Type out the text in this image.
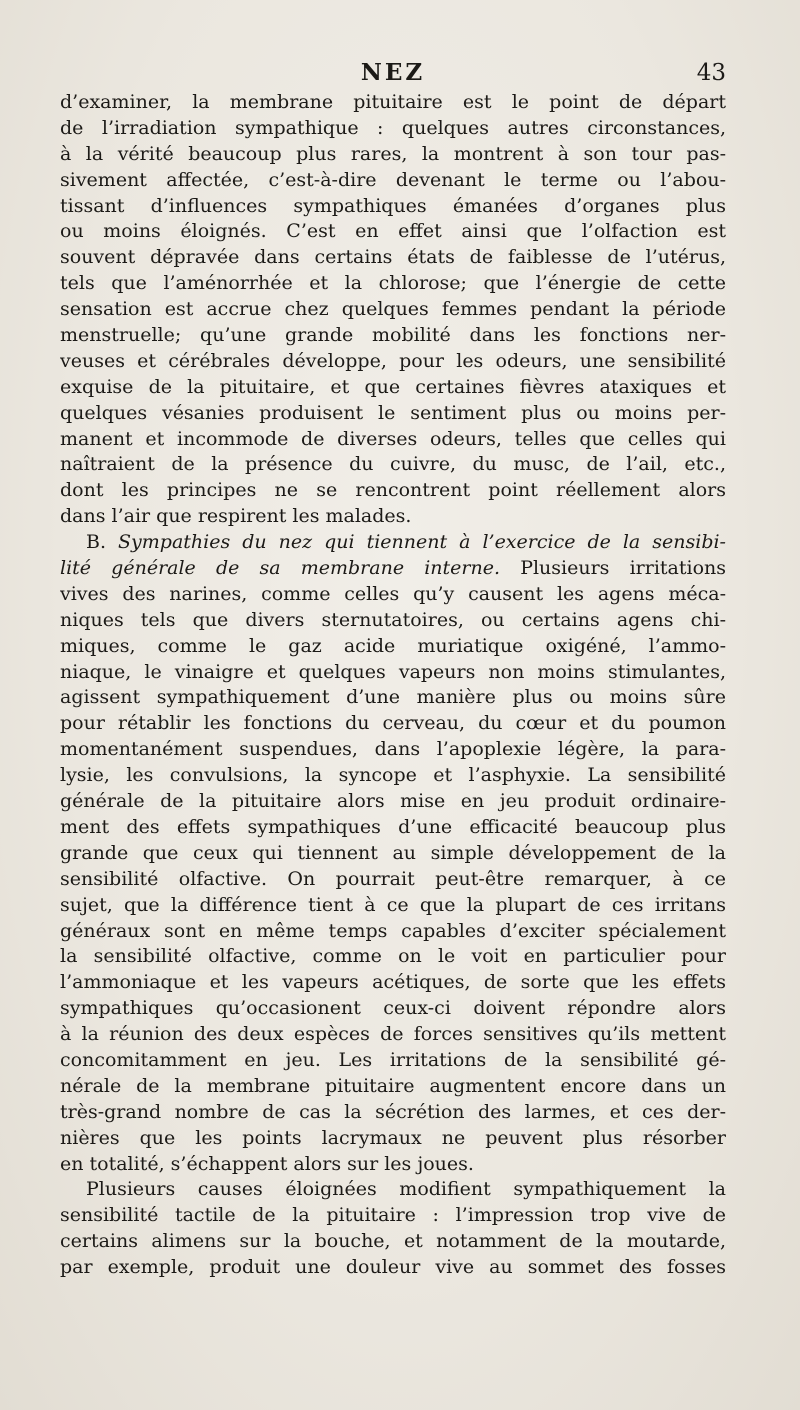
NEZ	43
d’examiner, la membrane pituitaire est le point de départ
de l’irradiation sympathique : quelques autres circonstances,
à la vérité beaucoup plus rares, la montrent à son tour pas-
sivement affectée, c’est-à-dire devenant le terme ou l’abou-
tissant d’influences sympathiques émanées d’organes plus
ou moins éloignés. C’est en effet ainsi que l’olfaction est
souvent dépravée dans certains états de faiblesse de l’utérus,
tels que l’aménorrhée et la chlorose; que l’énergie de cette
sensation est accrue chez quelques femmes pendant la période
menstruelle; qu’une grande mobilité dans les fonctions ner-
veuses et cérébrales développe, pour les odeurs, une sensibilité
exquise de la pituitaire, et que certaines fièvres ataxiques et
quelques vésanies produisent le sentiment plus ou moins per-
manent et incommode de diverses odeurs, telles que celles qui
naîtraient de la présence du cuivre, du musc, de l’ail, etc.,
dont les principes ne se rencontrent point réellement alors
dans l’air que respirent les malades.
B. Sympathies du nez qui tiennent à l’exercice de la sensibi-
lité générale de sa membrane interne. Plusieurs irritations
vives des narines, comme celles qu’y causent les agens méca-
niques tels que divers sternutatoires, ou certains agens chi-
miques, comme le gaz acide muriatique oxigéné, l’ammo-
niaque, le vinaigre et quelques vapeurs non moins stimulantes,
agissent sympathiquement d’une manière plus ou moins sûre
pour rétablir les fonctions du cerveau, du cœur et du poumon
momentanément suspendues, dans l’apoplexie légère, la para-
lysie, les convulsions, la syncope et l’asphyxie. La sensibilité
générale de la pituitaire alors mise en jeu produit ordinaire-
ment des effets sympathiques d’une efficacité beaucoup plus
grande que ceux qui tiennent au simple développement de la
sensibilité olfactive. On pourrait peut-être remarquer, à ce
sujet, que la différence tient à ce que la plupart de ces irritans
généraux sont en même temps capables d’exciter spécialement
la sensibilité olfactive, comme on le voit en particulier pour
l’ammoniaque et les vapeurs acétiques, de sorte que les effets
sympathiques qu’occasionent ceux-ci doivent répondre alors
à la réunion des deux espèces de forces sensitives qu’ils mettent
concomitamment en jeu. Les irritations de la sensibilité gé-
nérale de la membrane pituitaire augmentent encore dans un
très-grand nombre de cas la sécrétion des larmes, et ces der-
nières que les points lacrymaux ne peuvent plus résorber
en totalité, s’échappent alors sur les joues.
Plusieurs causes éloignées modifient sympathiquement la
sensibilité tactile de la pituitaire : l’impression trop vive de
certains alimens sur la bouche, et notamment de la moutarde,
par exemple, produit une douleur vive au sommet des fosses
